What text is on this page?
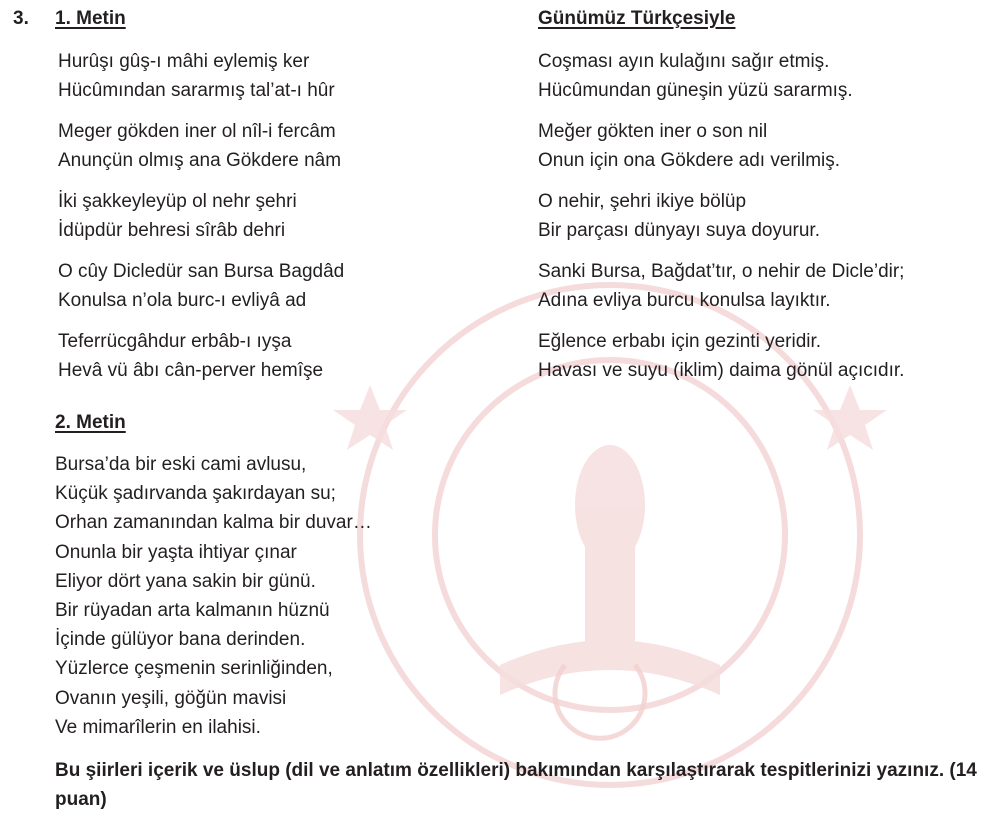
3. 1. Metin	Günümüz Türkçesiyle
Hurûşı gûş-ı mâhi eylemiş ker
Hücûmından sararmış tal’at-ı hûr
Meger gökden iner ol nîl-i fercâm
Anunçün olmış ana Gökdere nâm
İki şakkeyleyüp ol nehr şehri
İdüpdür behresi sîrâb dehri
O cûy Dicledür san Bursa Bagdâd
Konulsa n’ola burc-ı evliyâ ad
Teferrücgâhdur erbâb-ı ıyşa
Hevâ vü âbı cân-perver hemîşe
Coşması ayın kulağını sağır etmiş.
Hücûmundan güneşin yüzü sararmış.
Meğer gökten iner o son nil
Onun için ona Gökdere adı verilmiş.
O nehir, şehri ikiye bölüp
Bir parçası dünyayı suya doyurur.
Sanki Bursa, Bağdat’tır, o nehir de Dicle’dir;
Adına evliya burcu konulsa layıktır.
Eğlence erbabı için gezinti yeridir.
Havası ve suyu (iklim) daima gönül açıcıdır.
2. Metin
Bursa’da bir eski cami avlusu,
Küçük şadırvanda şakırdayan su;
Orhan zamanından kalma bir duvar…
Onunla bir yaşta ihtiyar çınar
Eliyor dört yana sakin bir günü.
Bir rüyadan arta kalmanın hüznü
İçinde gülüyor bana derinden.
Yüzlerce çeşmenin serinliğinden,
Ovanın yeşili, göğün mavisi
Ve mimarîlerin en ilahisi.
Bu şiirleri içerik ve üslup (dil ve anlatım özellikleri) bakımından karşılaştırarak tespitlerinizi yazınız. (14 puan)
